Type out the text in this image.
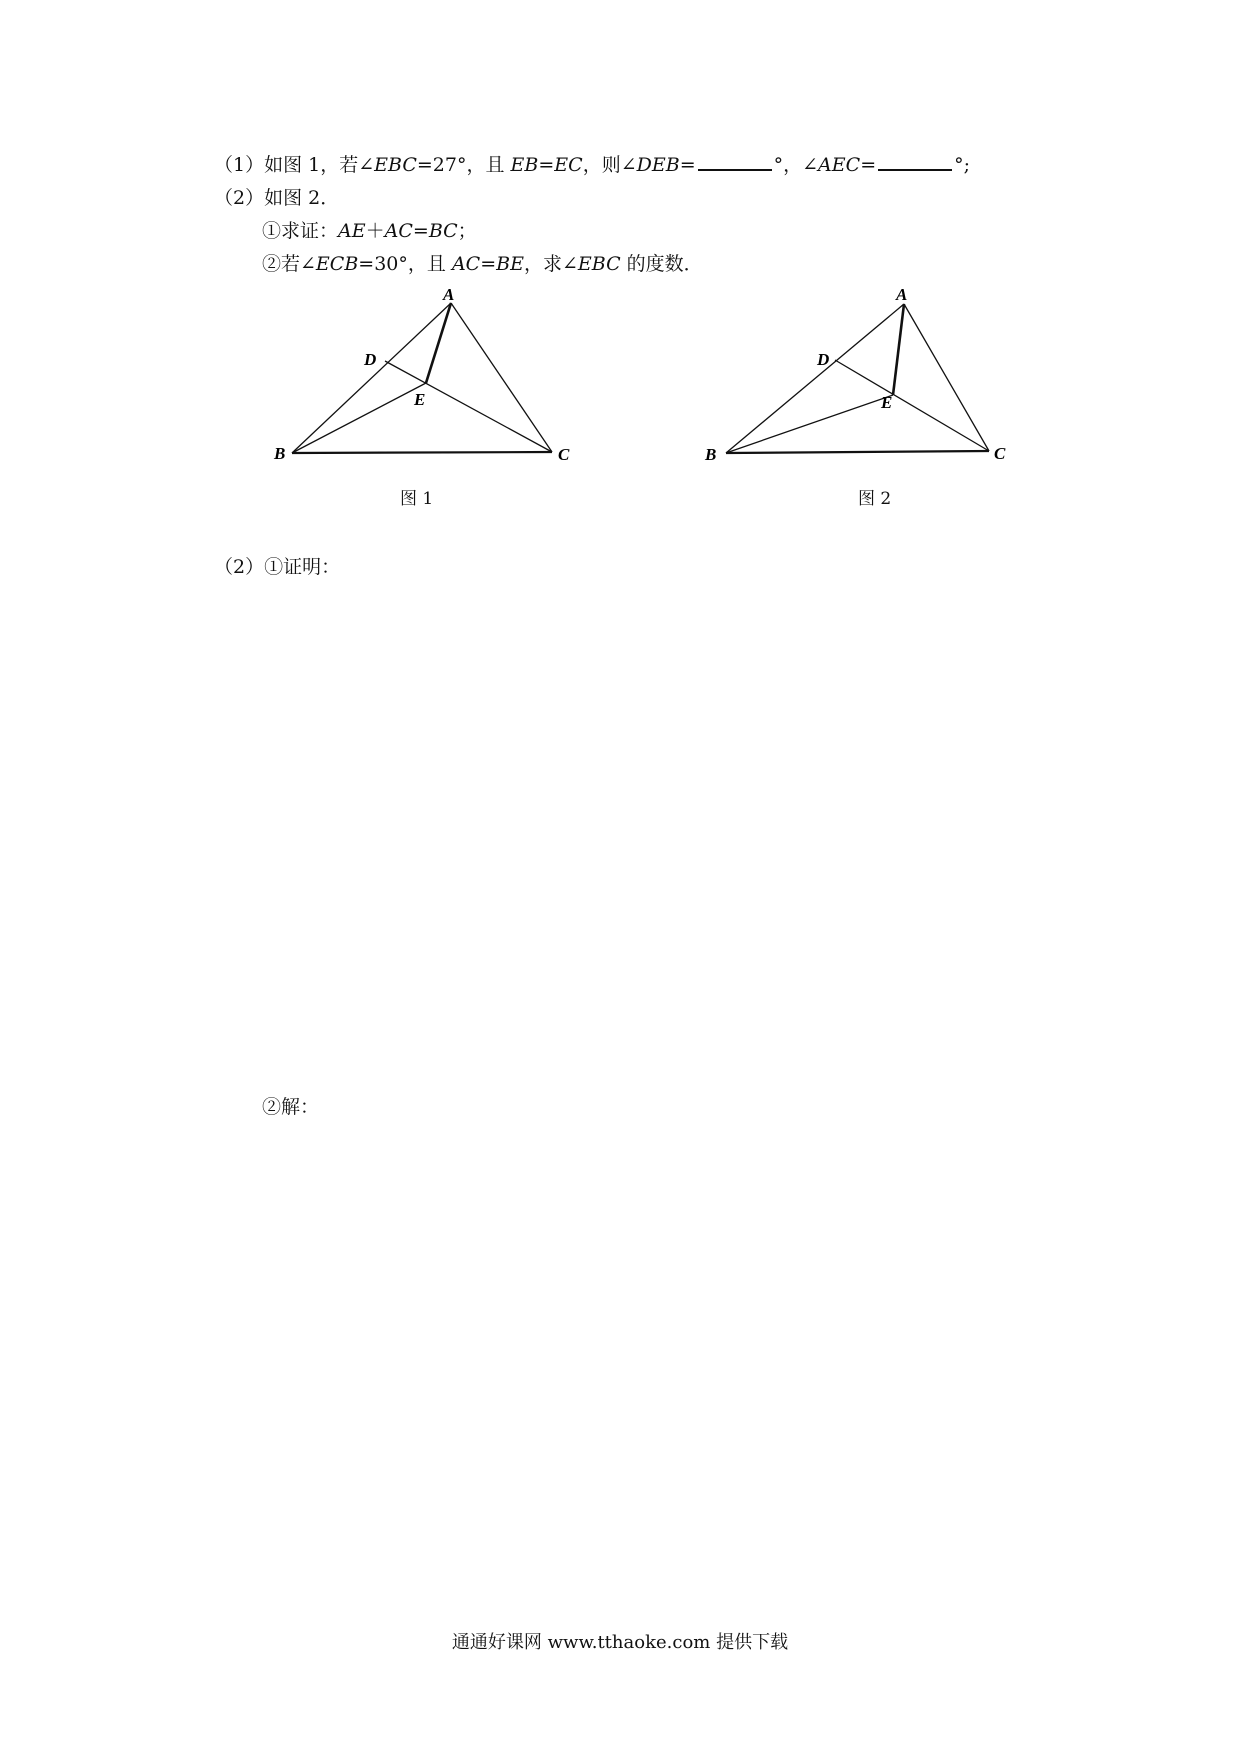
（1）如图 1，若∠EBC=27°，且 EB=EC，则∠DEB=	°，∠AEC=	°;
（2）如图 2．
①求证：AE＋AC=BC；
②若∠ECB=30°，且 AC=BE，求∠EBC 的度数．
A
B	C
D
E
图 1
A
B	C
D
E
图 2
（2）①证明：
②解：
通通好课网 www.tthaoke.com 提供下载
